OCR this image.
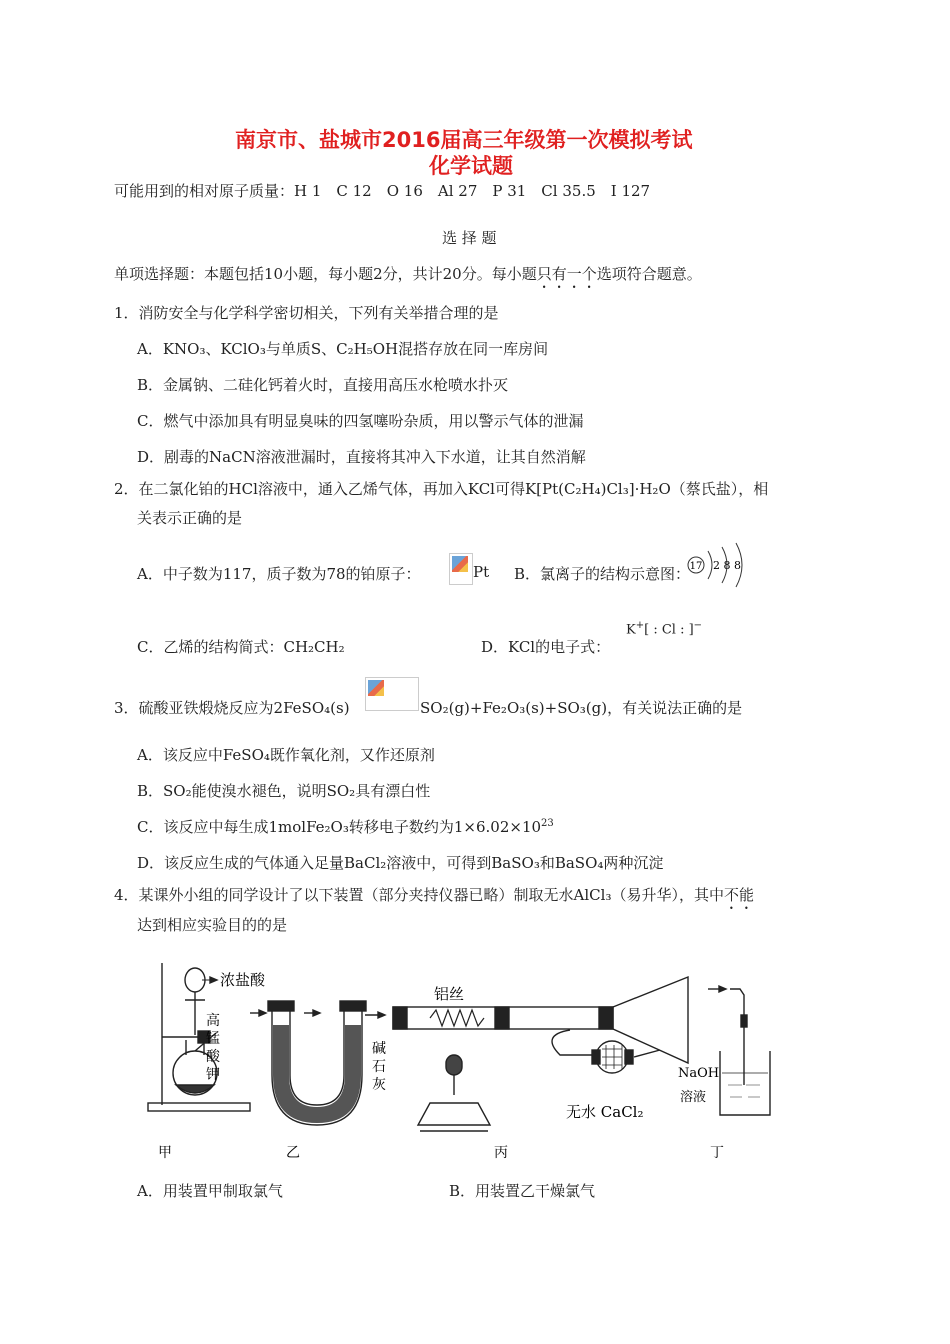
南京市、盐城市2016届高三年级第一次模拟考试
化学试题
可能用到的相对原子质量：H 1　C 12　O 16　Al 27　P 31　Cl 35.5　I 127
选 择 题
单项选择题：本题包括10小题，每小题2分，共计20分。每小题只有一个选项符合题意。
1．消防安全与化学科学密切相关，下列有关举措合理的是
A．KNO₃、KClO₃与单质S、C₂H₅OH混搭存放在同一库房间
B．金属钠、二硅化钙着火时，直接用高压水枪喷水扑灭
C．燃气中添加具有明显臭味的四氢噻吩杂质，用以警示气体的泄漏
D．剧毒的NaCN溶液泄漏时，直接将其冲入下水道，让其自然消解
2．在二氯化铂的HCl溶液中，通入乙烯气体，再加入KCl可得K[Pt(C₂H₄)Cl₃]·H₂O（蔡氏盐），相
关表示正确的是
A．中子数为117，质子数为78的铂原子：	Pt B．氯离子的结构示意图： 17 2 8 8
C．乙烯的结构简式：CH₂CH₂	D．KCl的电子式：
K+[ : Cl : ]−
3．硫酸亚铁煅烧反应为2FeSO₄(s)	SO₂(g)+Fe₂O₃(s)+SO₃(g)，有关说法正确的是
A．该反应中FeSO₄既作氧化剂，又作还原剂
B．SO₂能使溴水褪色，说明SO₂具有漂白性
C．该反应中每生成1molFe₂O₃转移电子数约为$1\times 6.02\times 10^{23}$
D．该反应生成的气体通入足量BaCl₂溶液中，可得到BaSO₃和BaSO₄两种沉淀
4．某课外小组的同学设计了以下装置（部分夹持仪器已略）制取无水AlCl₃（易升华），其中不能
达到相应实验目的的是
浓盐酸
高
锰
酸
钾
碱
石
灰
铝丝
无水 CaCl₂
NaOH
溶液
甲	乙	丙	丁
A．用装置甲制取氯气	B．用装置乙干燥氯气
